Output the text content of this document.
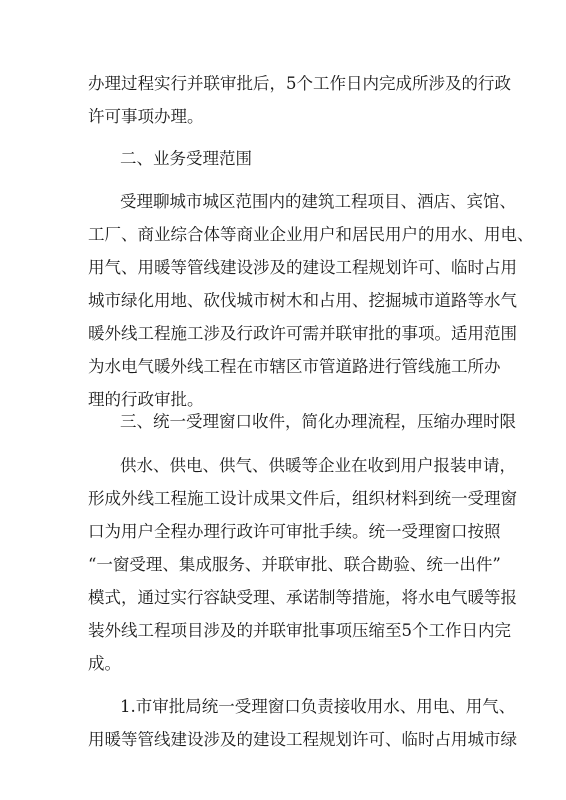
办理过程实行并联审批后，5个工作日内完成所涉及的行政
许可事项办理。
二、业务受理范围
受理聊城市城区范围内的建筑工程项目、酒店、宾馆、
工厂、商业综合体等商业企业用户和居民用户的用水、用电、
用气、用暖等管线建设涉及的建设工程规划许可、临时占用
城市绿化用地、砍伐城市树木和占用、挖掘城市道路等水气
暖外线工程施工涉及行政许可需并联审批的事项。适用范围
为水电气暖外线工程在市辖区市管道路进行管线施工所办
理的行政审批。
三、统一受理窗口收件，简化办理流程，压缩办理时限
供水、供电、供气、供暖等企业在收到用户报装申请，
形成外线工程施工设计成果文件后，组织材料到统一受理窗
口为用户全程办理行政许可审批手续。统一受理窗口按照
“一窗受理、集成服务、并联审批、联合勘验、统一出件”
模式，通过实行容缺受理、承诺制等措施，将水电气暖等报
装外线工程项目涉及的并联审批事项压缩至5个工作日内完
成。
1.市审批局统一受理窗口负责接收用水、用电、用气、
用暖等管线建设涉及的建设工程规划许可、临时占用城市绿
